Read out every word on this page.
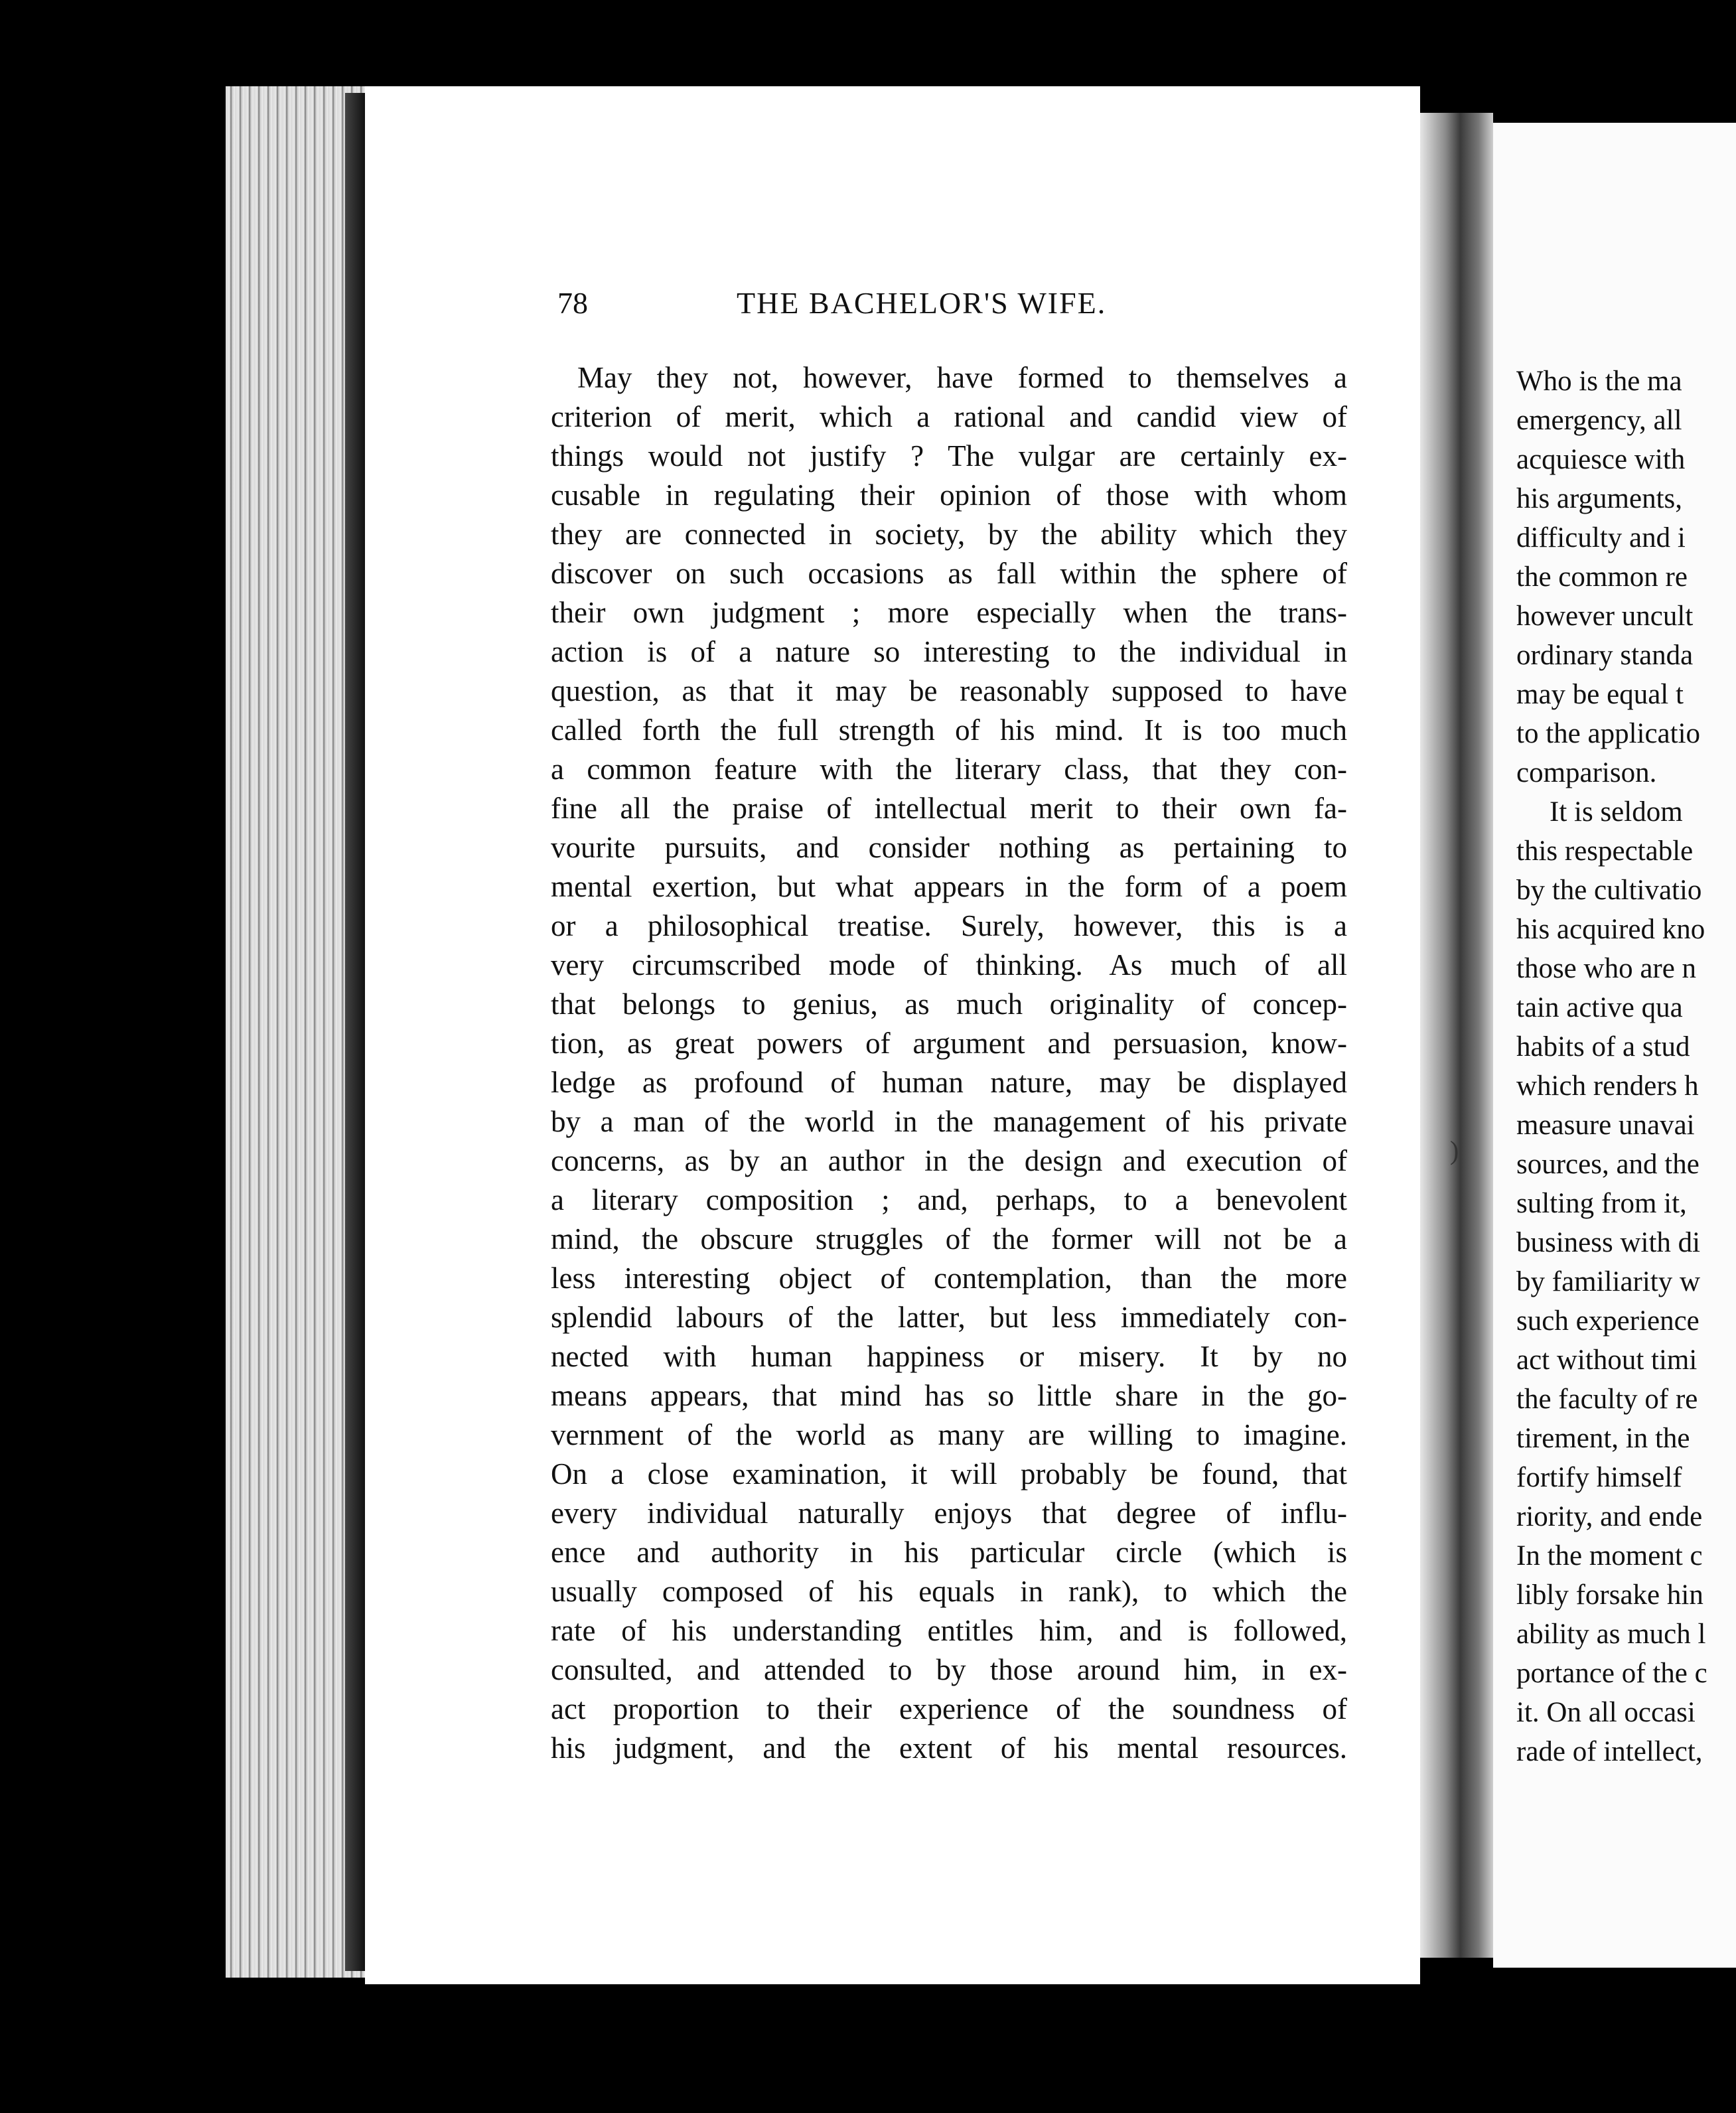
78	THE BACHELOR'S WIFE.
May they not, however, have formed to themselves a
criterion of merit, which a rational and candid view of
things would not justify ? The vulgar are certainly ex-
cusable in regulating their opinion of those with whom
they are connected in society, by the ability which they
discover on such occasions as fall within the sphere of
their own judgment ; more especially when the trans-
action is of a nature so interesting to the individual in
question, as that it may be reasonably supposed to have
called forth the full strength of his mind. It is too much
a common feature with the literary class, that they con-
fine all the praise of intellectual merit to their own fa-
vourite pursuits, and consider nothing as pertaining to
mental exertion, but what appears in the form of a poem
or a philosophical treatise. Surely, however, this is a
very circumscribed mode of thinking. As much of all
that belongs to genius, as much originality of concep-
tion, as great powers of argument and persuasion, know-
ledge as profound of human nature, may be displayed
by a man of the world in the management of his private
concerns, as by an author in the design and execution of
a literary composition ; and, perhaps, to a benevolent
mind, the obscure struggles of the former will not be a
less interesting object of contemplation, than the more
splendid labours of the latter, but less immediately con-
nected with human happiness or misery. It by no
means appears, that mind has so little share in the go-
vernment of the world as many are willing to imagine.
On a close examination, it will probably be found, that
every individual naturally enjoys that degree of influ-
ence and authority in his particular circle (which is
usually composed of his equals in rank), to which the
rate of his understanding entitles him, and is followed,
consulted, and attended to by those around him, in ex-
act proportion to their experience of the soundness of
his judgment, and the extent of his mental resources.
Who is the ma
emergency, all
acquiesce with
his arguments,
difficulty and i
the common re
however uncult
ordinary standa
may be equal t
to the applicatio
comparison.
It is seldom
this respectable
by the cultivatio
his acquired kno
those who are n
tain active qua
habits of a stud
which renders h
measure unavai
sources, and the
sulting from it,
business with di
by familiarity w
such experience
act without timi
the faculty of re
tirement, in the
fortify himself
riority, and ende
In the moment c
libly forsake hin
ability as much l
portance of the c
it. On all occasi
rade of intellect,
)
